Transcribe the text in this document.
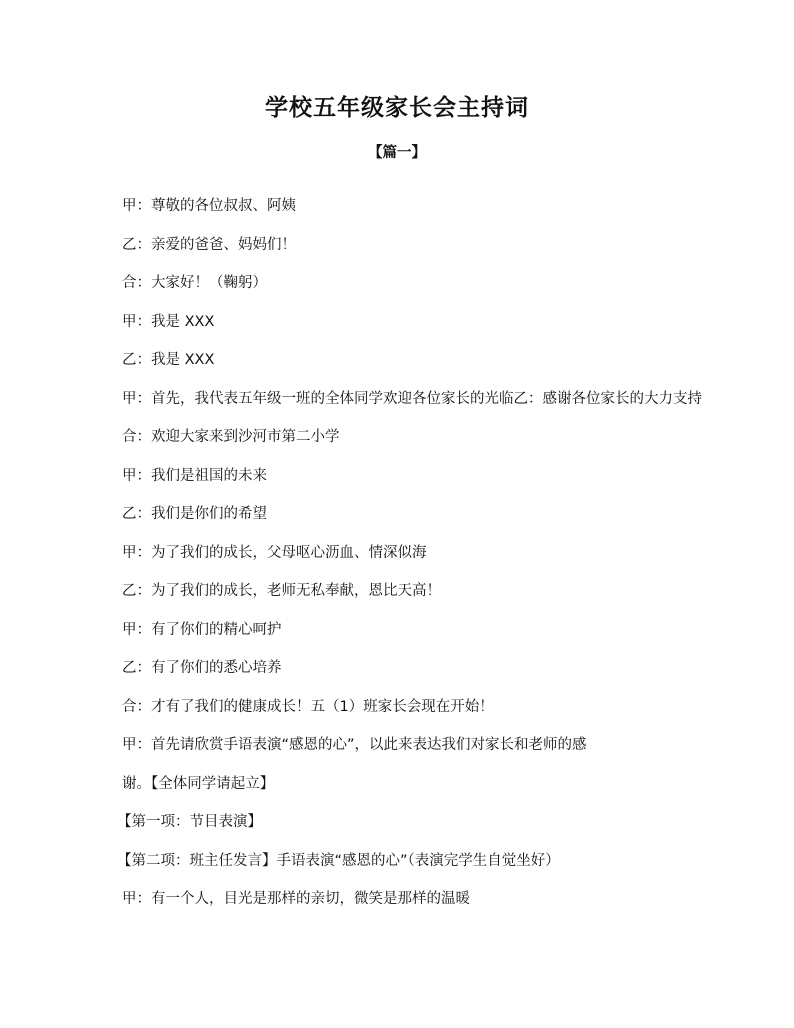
学校五年级家长会主持词
【篇一】

甲：尊敬的各位叔叔、阿姨

乙：亲爱的爸爸、妈妈们！

合：大家好！（鞠躬）

甲：我是 XXX

乙：我是 XXX

甲：首先，我代表五年级一班的全体同学欢迎各位家长的光临乙：感谢各位家长的大力支持

合：欢迎大家来到沙河市第二小学

甲：我们是祖国的未来

乙：我们是你们的希望

甲：为了我们的成长，父母呕心沥血、情深似海

乙：为了我们的成长，老师无私奉献，恩比天高！

甲：有了你们的精心呵护

乙：有了你们的悉心培养

合：才有了我们的健康成长！五（1）班家长会现在开始！

甲：首先请欣赏手语表演“感恩的心”，以此来表达我们对家长和老师的感

谢。【全体同学请起立】

【第一项：节目表演】

【第二项：班主任发言】手语表演“感恩的心”（表演完学生自觉坐好）

甲：有一个人，目光是那样的亲切，微笑是那样的温暖
